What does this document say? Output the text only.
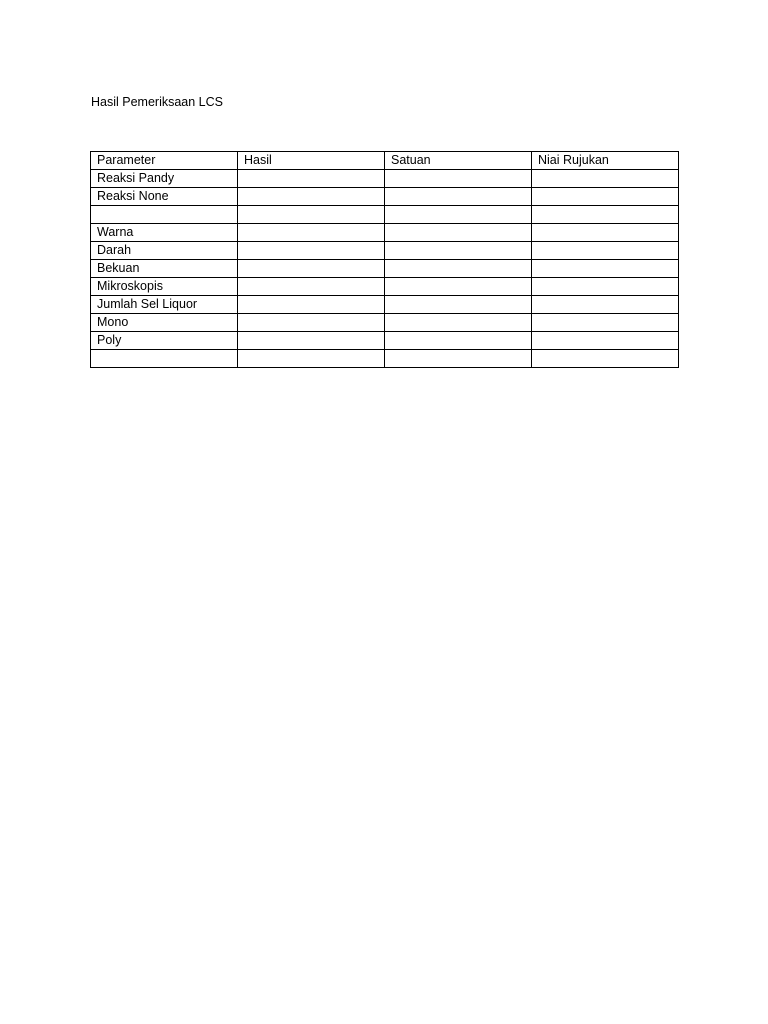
Hasil Pemeriksaan LCS
Parameter	Hasil	Satuan	Niai Rujukan
Reaksi Pandy			
Reaksi None			

Warna			
Darah			
Bekuan			
Mikroskopis			
Jumlah Sel Liquor			
Mono			
Poly			
